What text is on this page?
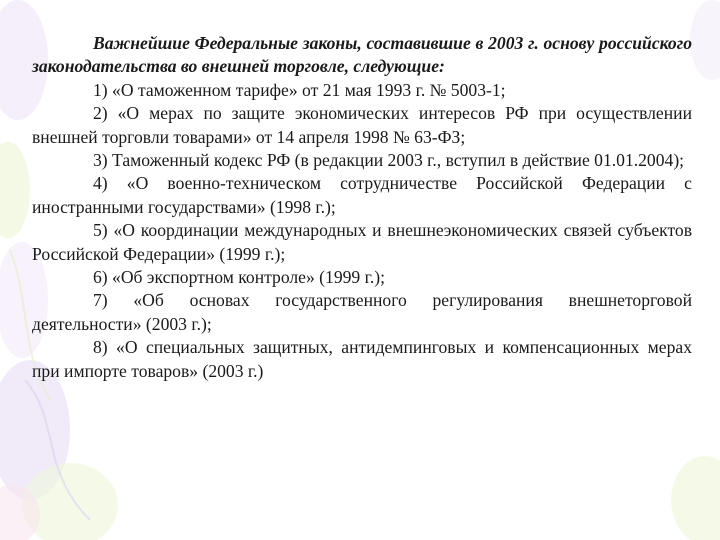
Важнейшие Федеральные законы, составившие в 2003 г. основу российского законодательства во внешней торговле, следующие:

1) «О таможенном тарифе» от 21 мая 1993 г. № 5003-1;

2) «О мерах по защите экономических интересов РФ при осуществлении внешней торговли товарами» от 14 апреля 1998 № 63-ФЗ;

3) Таможенный кодекс РФ (в редакции 2003 г., вступил в действие 01.01.2004);

4) «О военно-техническом сотрудничестве Российской Федерации с иностранными государствами» (1998 г.);

5) «О координации международных и внешнеэкономических связей субъектов Российской Федерации» (1999 г.);

6) «Об экспортном контроле» (1999 г.);

7) «Об основах государственного регулирования внешнеторговой деятельности» (2003 г.);

8) «О специальных защитных, антидемпинговых и компенсационных мерах при импорте товаров» (2003 г.)
